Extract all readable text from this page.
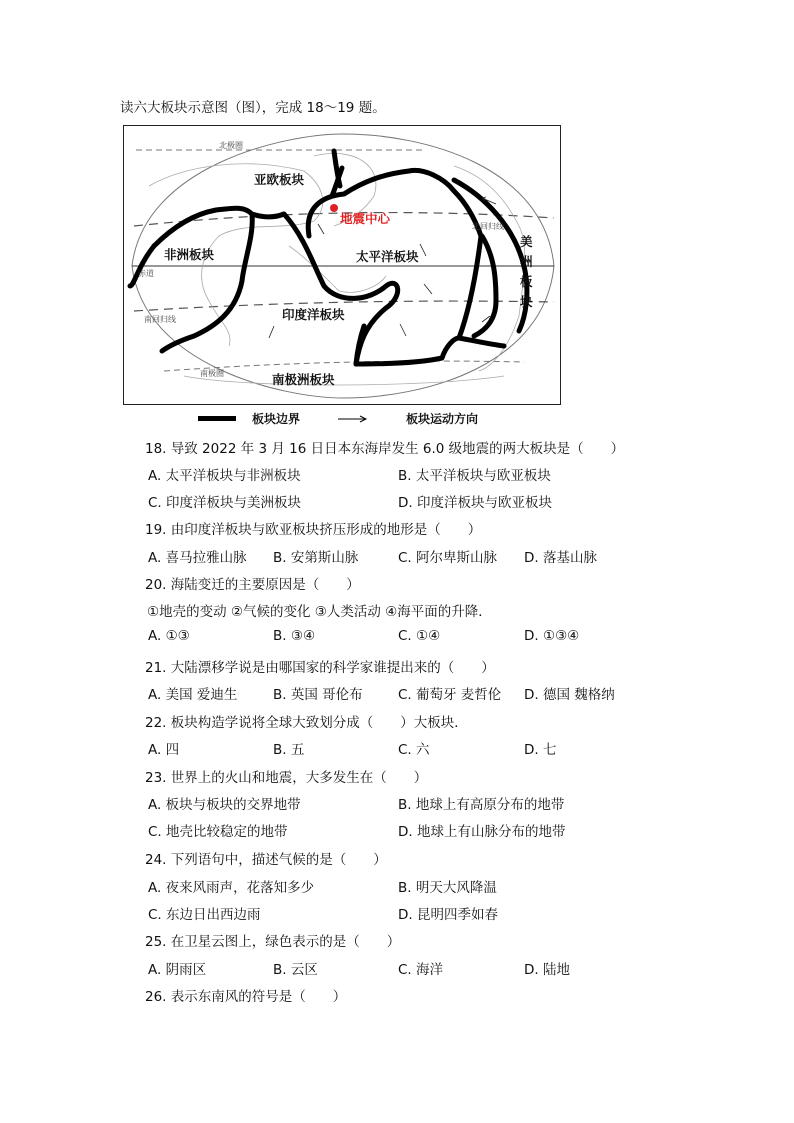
读六大板块示意图（图），完成 18～19 题。
北极圈
北回归线
赤道
南回归线
南极圈
亚欧板块
非洲板块	太平洋板块
印度洋板块
南极洲板块
美
洲
板
块
地震中心
板块边界	板块运动方向
18. 导致 2022 年 3 月 16 日日本东海岸发生 6.0 级地震的两大板块是（　　）
A. 太平洋板块与非洲板块	B. 太平洋板块与欧亚板块
C. 印度洋板块与美洲板块	D. 印度洋板块与欧亚板块
19. 由印度洋板块与欧亚板块挤压形成的地形是（　　）
A. 喜马拉雅山脉 B. 安第斯山脉	C. 阿尔卑斯山脉 D. 落基山脉
20. 海陆变迁的主要原因是（　　）
①地壳的变动 ②气候的变化 ③人类活动 ④海平面的升降．
A. ①③	B. ③④	C. ①④	D. ①③④
21. 大陆漂移学说是由哪国家的科学家谁提出来的（　　）
A. 美国 爱迪生	B. 英国 哥伦布	C. 葡萄牙 麦哲伦 D. 德国 魏格纳
22. 板块构造学说将全球大致划分成（　　）大板块．
A. 四	B. 五	C. 六	D. 七
23. 世界上的火山和地震，大多发生在（　　）
A. 板块与板块的交界地带	B. 地球上有高原分布的地带
C. 地壳比较稳定的地带	D. 地球上有山脉分布的地带
24. 下列语句中，描述气候的是（　　）
A. 夜来风雨声，花落知多少	B. 明天大风降温
C. 东边日出西边雨	D. 昆明四季如春
25. 在卫星云图上，绿色表示的是（　　）
A. 阴雨区	B. 云区	C. 海洋	D. 陆地
26. 表示东南风的符号是（　　）
